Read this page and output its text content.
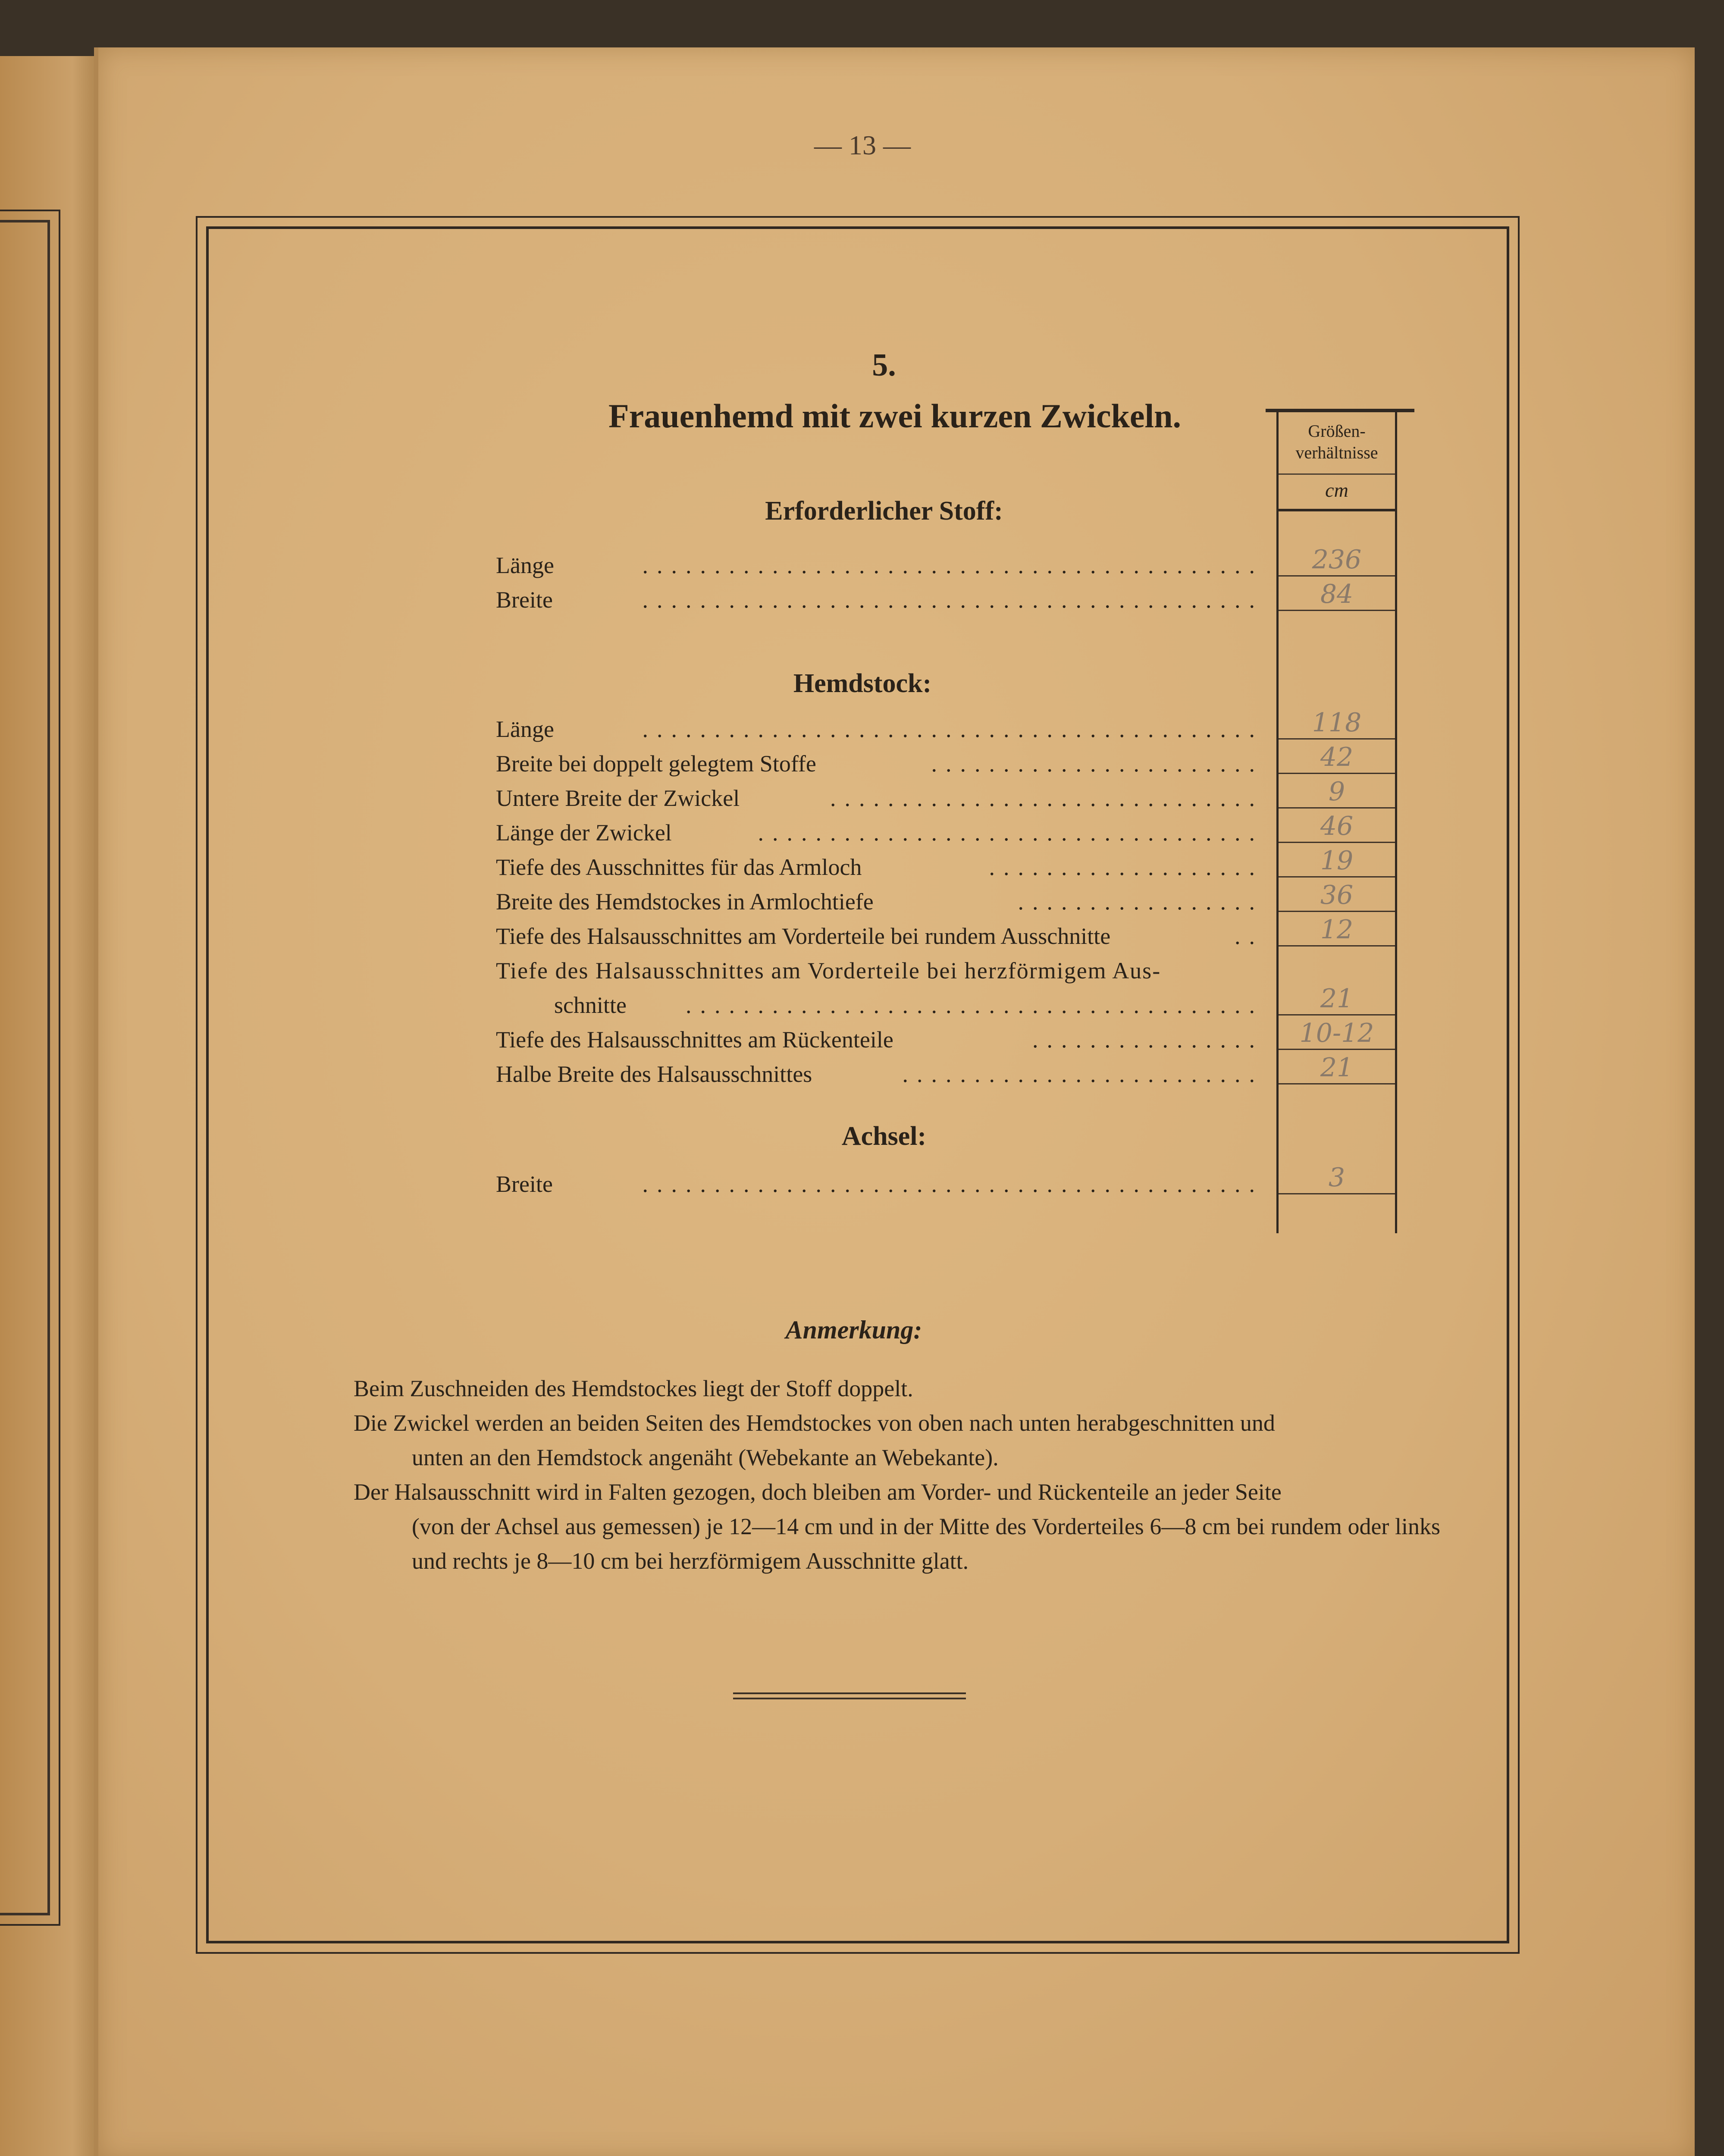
— 13 —
5.
Frauenhemd mit zwei kurzen Zwickeln.	Größen-
verhältnisse
cm
Erforderlicher Stoff:
Länge	...........................................	236
Breite	...........................................	84
Hemdstock:
Länge	...........................................	118
Breite bei doppelt gelegtem Stoffe	.......................	42
Untere Breite der Zwickel	..............................	9
Länge der Zwickel	...................................	46
Tiefe des Ausschnittes für das Armloch	...................	19
Breite des Hemdstockes in Armlochtiefe	.................	36
Tiefe des Halsausschnittes am Vorderteile bei rundem Ausschnitte	..	12
Tiefe des Halsausschnittes am Vorderteile bei herzförmigem Aus-
schnitte	........................................	21
Tiefe des Halsausschnittes am Rückenteile	................	10-12
Halbe Breite des Halsausschnittes	.........................	21
Achsel:
Breite	...........................................	3
Anmerkung:
Beim Zuschneiden des Hemdstockes liegt der Stoff doppelt.
Die Zwickel werden an beiden Seiten des Hemdstockes von oben nach unten herabgeschnitten und
unten an den Hemdstock angenäht (Webekante an Webekante).
Der Halsausschnitt wird in Falten gezogen, doch bleiben am Vorder- und Rückenteile an jeder Seite
(von der Achsel aus gemessen) je 12—14 cm und in der Mitte des Vorderteiles 6—8 cm bei rundem oder links und rechts je 8—10 cm bei herzförmigem Ausschnitte glatt.
